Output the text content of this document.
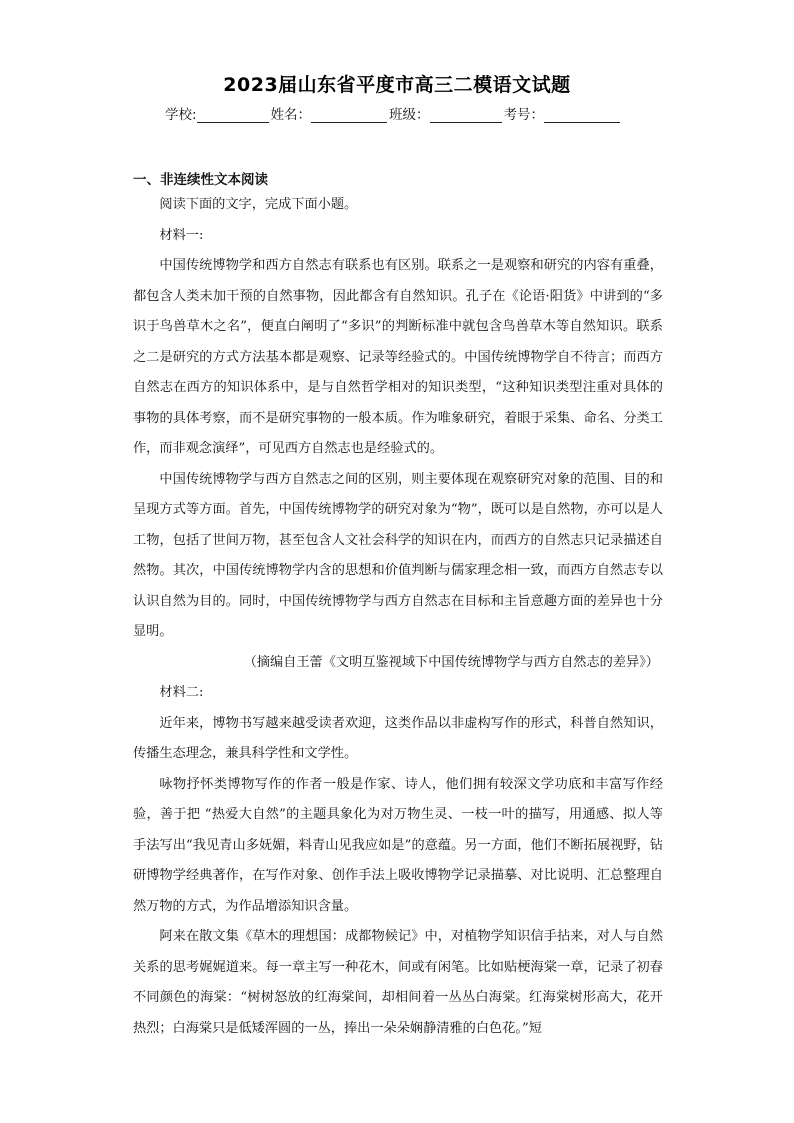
2023届山东省平度市高三二模语文试题
学校:	姓名：	班级：	考号：
一、非连续性文本阅读

阅读下面的文字，完成下面小题。

材料一:

中国传统博物学和西方自然志有联系也有区别。联系之一是观察和研究的内容有重叠，都包含人类未加干预的自然事物，因此都含有自然知识。孔子在《论语·阳货》中讲到的“多识于鸟兽草木之名”，便直白阐明了“多识”的判断标准中就包含鸟兽草木等自然知识。联系之二是研究的方式方法基本都是观察、记录等经验式的。中国传统博物学自不待言；而西方自然志在西方的知识体系中，是与自然哲学相对的知识类型，“这种知识类型注重对具体的事物的具体考察，而不是研究事物的一般本质。作为唯象研究，着眼于采集、命名、分类工作，而非观念演绎”，可见西方自然志也是经验式的。

中国传统博物学与西方自然志之间的区别，则主要体现在观察研究对象的范围、目的和呈现方式等方面。首先，中国传统博物学的研究对象为“物”，既可以是自然物，亦可以是人工物，包括了世间万物，甚至包含人文社会科学的知识在内，而西方的自然志只记录描述自然物。其次，中国传统博物学内含的思想和价值判断与儒家理念相一致，而西方自然志专以认识自然为目的。同时，中国传统博物学与西方自然志在目标和主旨意趣方面的差异也十分显明。

（摘编自王蕾《文明互鉴视域下中国传统博物学与西方自然志的差异》）

材料二:

近年来，博物书写越来越受读者欢迎，这类作品以非虚构写作的形式，科普自然知识，传播生态理念，兼具科学性和文学性。

咏物抒怀类博物写作的作者一般是作家、诗人，他们拥有较深文学功底和丰富写作经验，善于把 “热爱大自然”的主题具象化为对万物生灵、一枝一叶的描写，用通感、拟人等手法写出“我见青山多妩媚，料青山见我应如是”的意蕴。另一方面，他们不断拓展视野，钻研博物学经典著作，在写作对象、创作手法上吸收博物学记录描摹、对比说明、汇总整理自然万物的方式，为作品增添知识含量。

阿来在散文集《草木的理想国：成都物候记》中，对植物学知识信手拈来，对人与自然关系的思考娓娓道来。每一章主写一种花木，间或有闲笔。比如贴梗海棠一章，记录了初春不同颜色的海棠：“树树怒放的红海棠间，却相间着一丛丛白海棠。红海棠树形高大，花开热烈；白海棠只是低矮浑圆的一丛，捧出一朵朵娴静清雅的白色花。”短
